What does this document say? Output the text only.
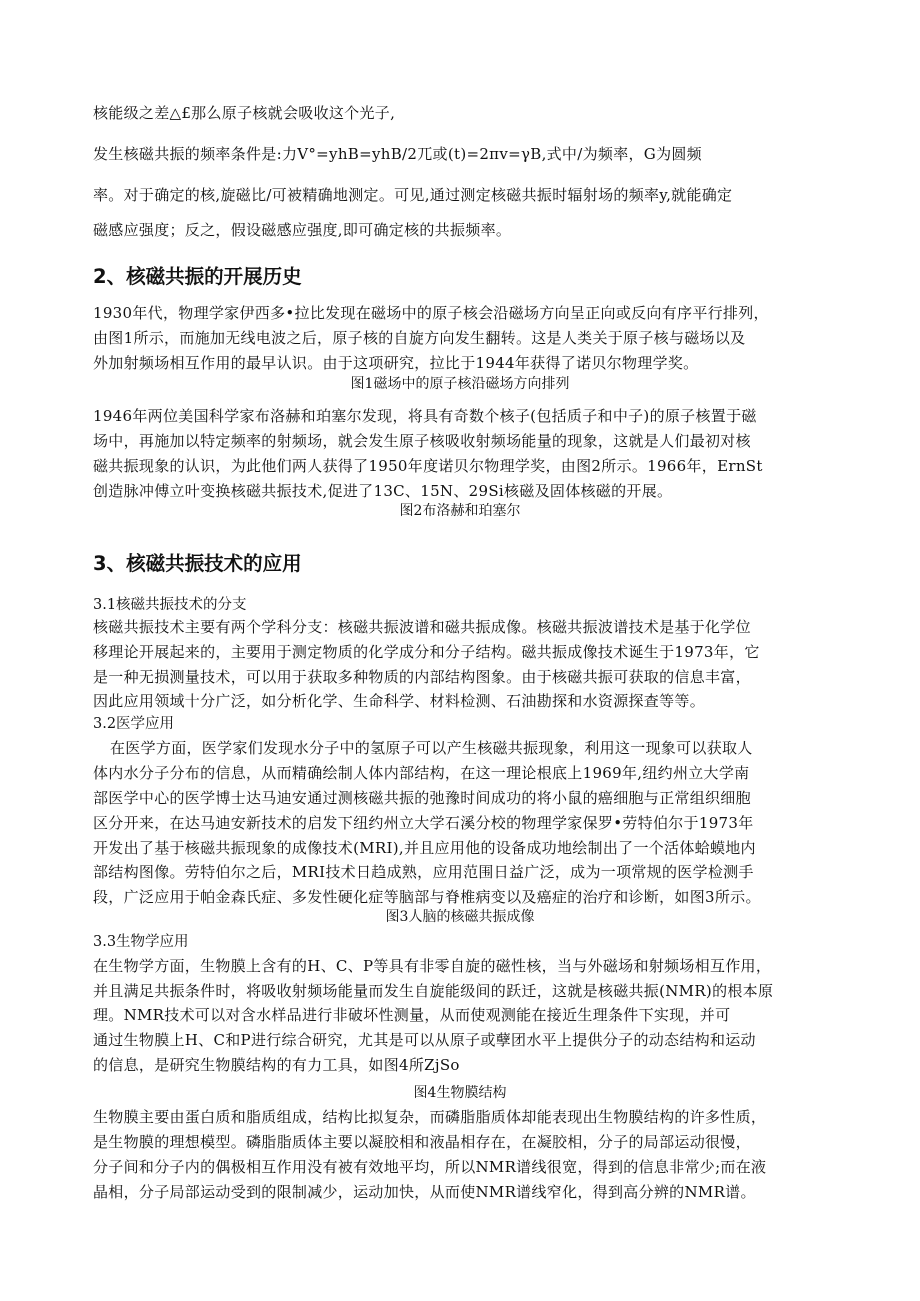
核能级之差△£那么原子核就会吸收这个光子,
发生核磁共振的频率条件是:力V°=yhB=yhB/2兀或(t)=2πv=γB,式中/为频率，G为圆频
率。对于确定的核,旋磁比/可被精确地测定。可见,通过测定核磁共振时辐射场的频率y,就能确定
磁感应强度；反之，假设磁感应强度,即可确定核的共振频率。
2、核磁共振的开展历史
1930年代，物理学家伊西多•拉比发现在磁场中的原子核会沿磁场方向呈正向或反向有序平行排列，
由图1所示，而施加无线电波之后，原子核的自旋方向发生翻转。这是人类关于原子核与磁场以及
外加射频场相互作用的最早认识。由于这项研究，拉比于1944年获得了诺贝尔物理学奖。
图1磁场中的原子核沿磁场方向排列
1946年两位美国科学家布洛赫和珀塞尔发现，将具有奇数个核子(包括质子和中子)的原子核置于磁
场中，再施加以特定频率的射频场，就会发生原子核吸收射频场能量的现象，这就是人们最初对核
磁共振现象的认识，为此他们两人获得了1950年度诺贝尔物理学奖，由图2所示。1966年，ErnSt
创造脉冲傅立叶变换核磁共振技术,促进了13C、15N、29Si核磁及固体核磁的开展。
图2布洛赫和珀塞尔
3、核磁共振技术的应用
3.1核磁共振技术的分支
核磁共振技术主要有两个学科分支：核磁共振波谱和磁共振成像。核磁共振波谱技术是基于化学位
移理论开展起来的，主要用于测定物质的化学成分和分子结构。磁共振成像技术诞生于1973年，它
是一种无损测量技术，可以用于获取多种物质的内部结构图象。由于核磁共振可获取的信息丰富，
因此应用领域十分广泛，如分析化学、生命科学、材料检测、石油勘探和水资源探查等等。
3.2医学应用
在医学方面，医学家们发现水分子中的氢原子可以产生核磁共振现象，利用这一现象可以获取人
体内水分子分布的信息，从而精确绘制人体内部结构，在这一理论根底上1969年,纽约州立大学南
部医学中心的医学博士达马迪安通过测核磁共振的弛豫时间成功的将小鼠的癌细胞与正常组织细胞
区分开来，在达马迪安新技术的启发下纽约州立大学石溪分校的物理学家保罗•劳特伯尔于1973年
开发出了基于核磁共振现象的成像技术(MRI),并且应用他的设备成功地绘制出了一个活体蛤蟆地内
部结构图像。劳特伯尔之后，MRI技术日趋成熟，应用范围日益广泛，成为一项常规的医学检测手
段，广泛应用于帕金森氏症、多发性硬化症等脑部与脊椎病变以及癌症的治疗和诊断，如图3所示。
图3人脑的核磁共振成像
3.3生物学应用
在生物学方面，生物膜上含有的H、C、P等具有非零自旋的磁性核，当与外磁场和射频场相互作用，
并且满足共振条件时，将吸收射频场能量而发生自旋能级间的跃迁，这就是核磁共振(NMR)的根本原
理。NMR技术可以对含水样品进行非破坏性测量，从而使观测能在接近生理条件下实现，并可
通过生物膜上H、C和P进行综合研究，尤其是可以从原子或孽团水平上提供分子的动态结构和运动
的信息，是研究生物膜结构的有力工具，如图4所ZjSo
图4生物膜结构
生物膜主要由蛋白质和脂质组成，结构比拟复杂，而磷脂脂质体却能表现出生物膜结构的许多性质，
是生物膜的理想模型。磷脂脂质体主要以凝胶相和液晶相存在，在凝胶相，分子的局部运动很慢，
分子间和分子内的偶极相互作用没有被有效地平均，所以NMR谱线很宽，得到的信息非常少;而在液
晶相，分子局部运动受到的限制减少，运动加快，从而使NMR谱线窄化，得到高分辨的NMR谱。
